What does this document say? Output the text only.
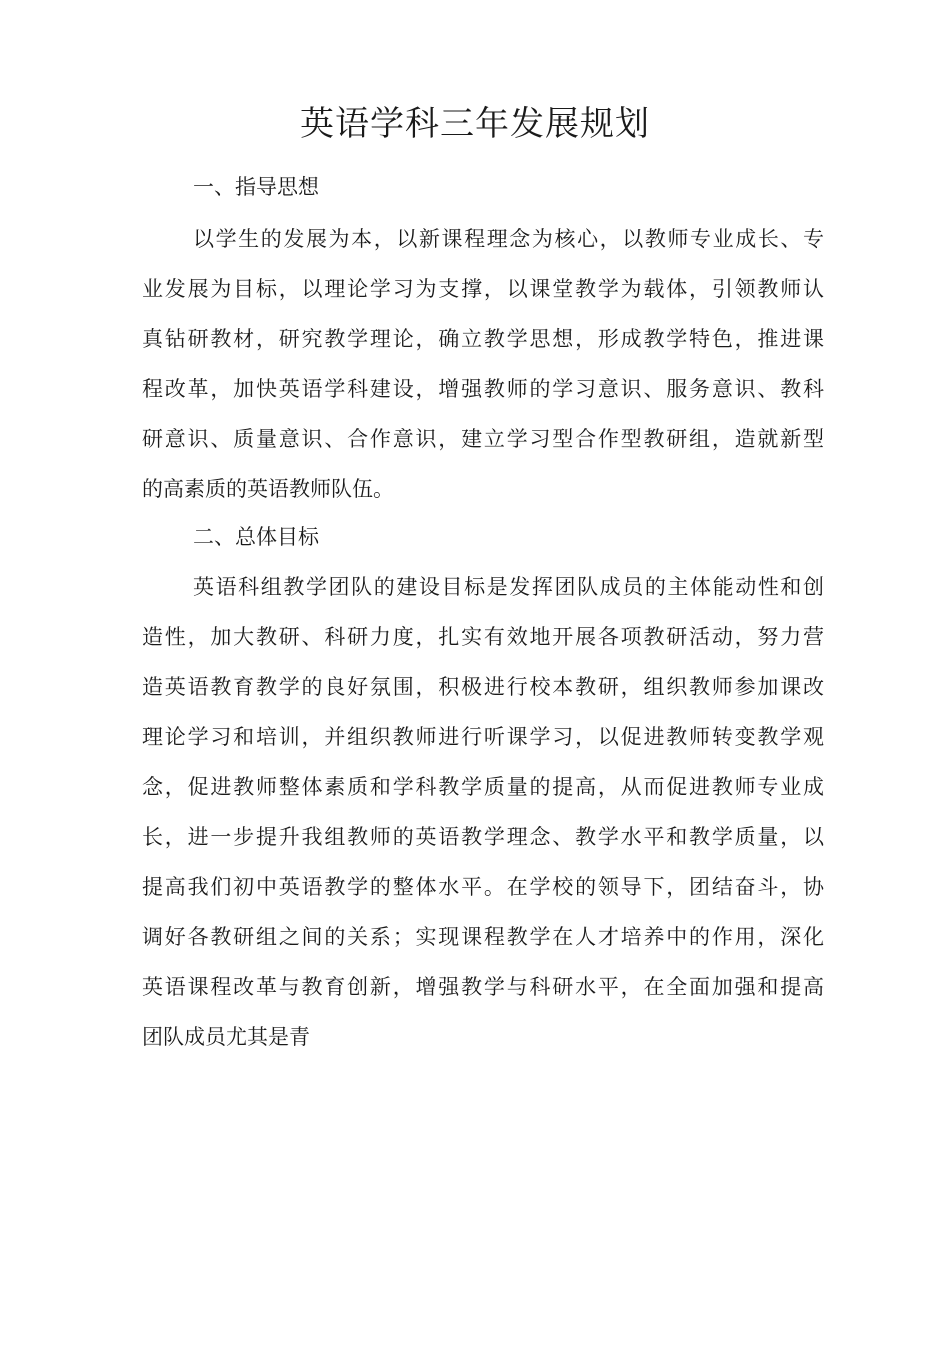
英语学科三年发展规划
一、指导思想
以学生的发展为本，以新课程理念为核心，以教师专业成长、专
业发展为目标，以理论学习为支撑，以课堂教学为载体，引领教师认
真钻研教材，研究教学理论，确立教学思想，形成教学特色，推进课
程改革，加快英语学科建设，增强教师的学习意识、服务意识、教科
研意识、质量意识、合作意识，建立学习型合作型教研组，造就新型
的高素质的英语教师队伍。
二、总体目标
英语科组教学团队的建设目标是发挥团队成员的主体能动性和创
造性，加大教研、科研力度，扎实有效地开展各项教研活动，努力营
造英语教育教学的良好氛围，积极进行校本教研，组织教师参加课改
理论学习和培训，并组织教师进行听课学习，以促进教师转变教学观
念，促进教师整体素质和学科教学质量的提高，从而促进教师专业成
长，进一步提升我组教师的英语教学理念、教学水平和教学质量，以
提高我们初中英语教学的整体水平。在学校的领导下，团结奋斗，协
调好各教研组之间的关系；实现课程教学在人才培养中的作用，深化
英语课程改革与教育创新，增强教学与科研水平，在全面加强和提高
团队成员尤其是青
